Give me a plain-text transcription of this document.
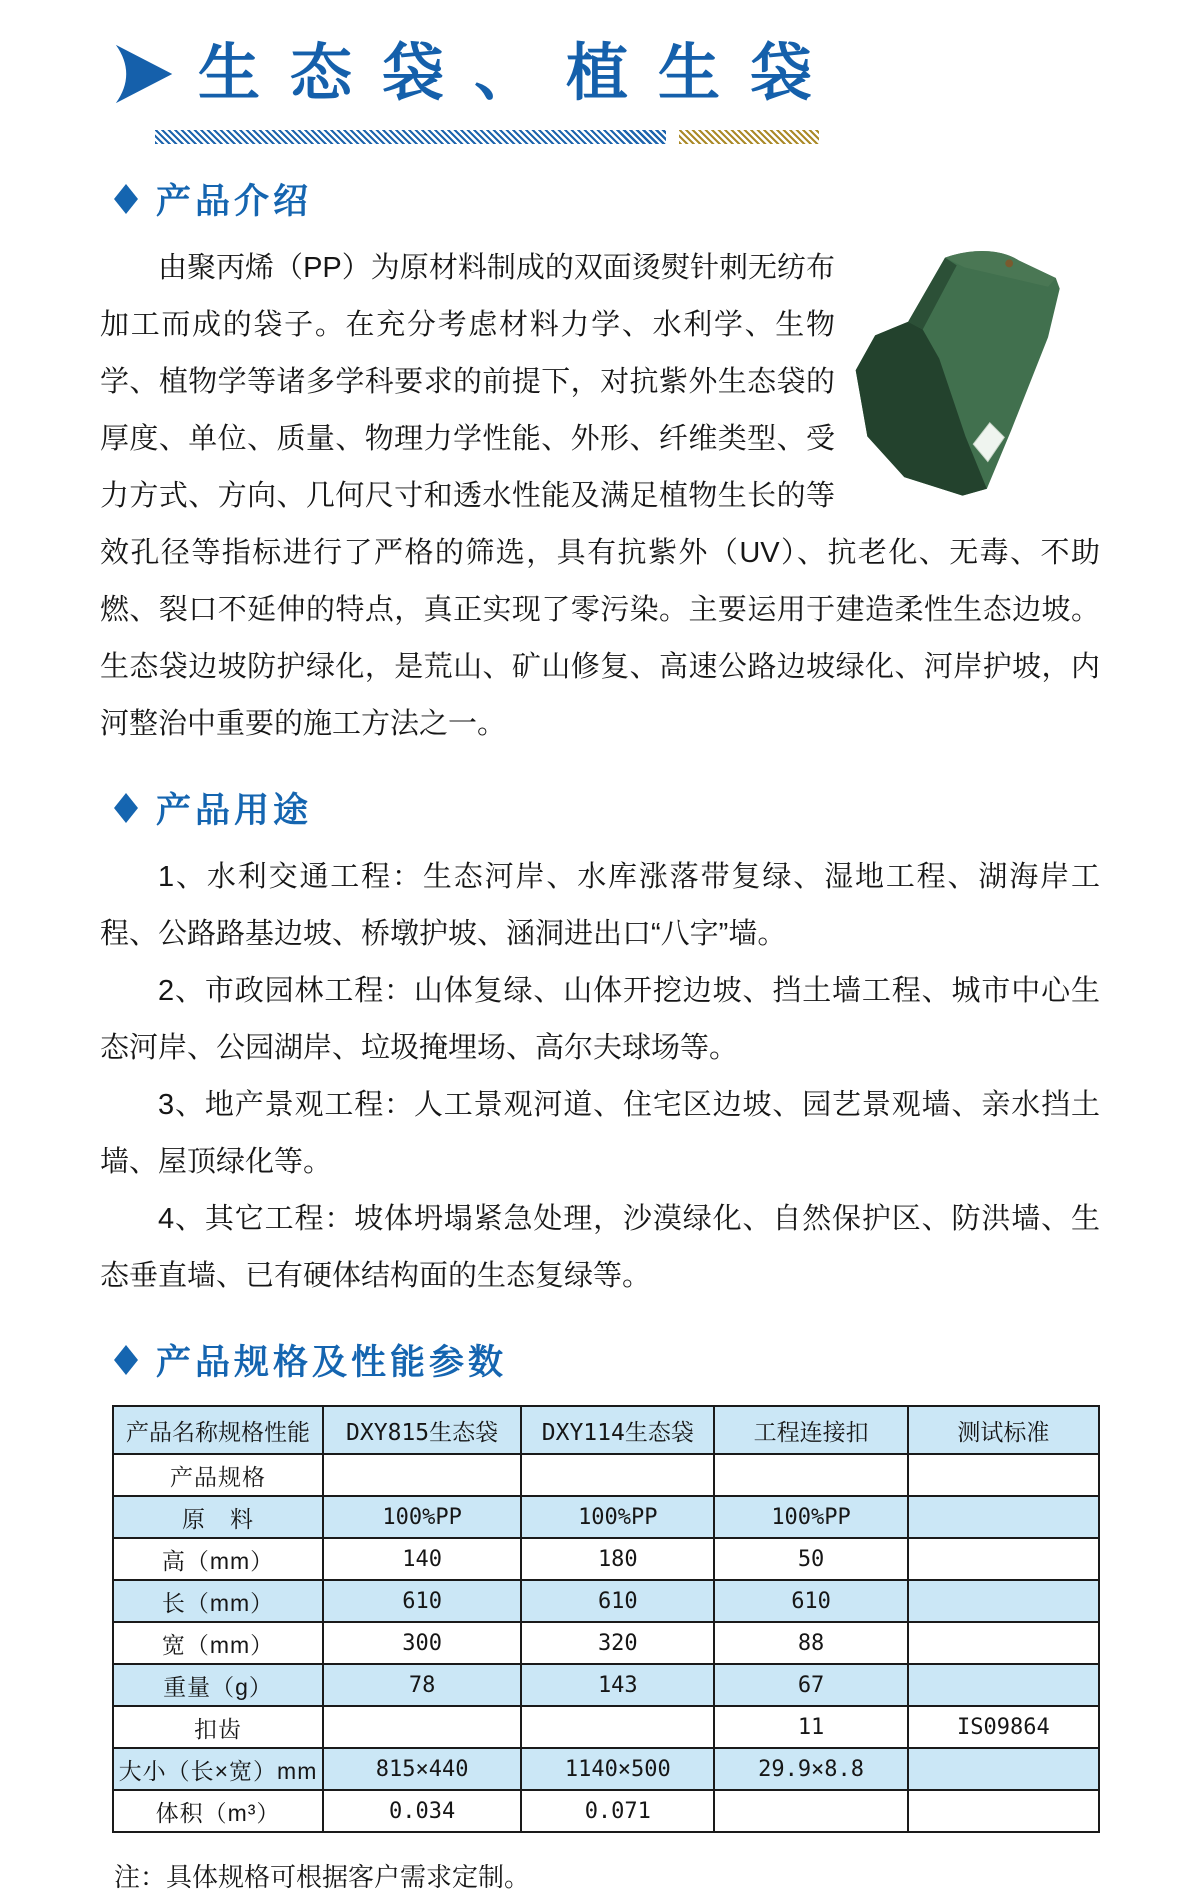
生态袋、植生袋
产品介绍

由聚丙烯（PP）为原材料制成的双面烫熨针刺无纺布加工而成的袋子。在充分考虑材料力学、水利学、生物学、植物学等诸多学科要求的前提下，对抗紫外生态袋的厚度、单位、质量、物理力学性能、外形、纤维类型、受力方式、方向、几何尺寸和透水性能及满足植物生长的等效孔径等指标进行了严格的筛选，具有抗紫外（UV）、抗老化、无毒、不助燃、裂口不延伸的特点，真正实现了零污染。主要运用于建造柔性生态边坡。生态袋边坡防护绿化，是荒山、矿山修复、高速公路边坡绿化、河岸护坡，内河整治中重要的施工方法之一。

产品用途

1、水利交通工程：生态河岸、水库涨落带复绿、湿地工程、湖海岸工程、公路路基边坡、桥墩护坡、涵洞进出口“八字”墙。

2、市政园林工程：山体复绿、山体开挖边坡、挡土墙工程、城市中心生态河岸、公园湖岸、垃圾掩埋场、高尔夫球场等。

3、地产景观工程：人工景观河道、住宅区边坡、园艺景观墙、亲水挡土墙、屋顶绿化等。

4、其它工程：坡体坍塌紧急处理，沙漠绿化、自然保护区、防洪墙、生态垂直墙、已有硬体结构面的生态复绿等。

产品规格及性能参数
产品名称规格性能	DXY815生态袋	DXY114生态袋	工程连接扣	测试标准
产品规格				
原　料	100%PP	100%PP	100%PP	
高（mm）	140	180	50	
长（mm）	610	610	610	
宽（mm）	300	320	88	
重量（g）	78	143	67	
扣齿			11	IS09864
大小（长×宽）mm	815×440	1140×500	29.9×8.8	
体积（m³）	0.034	0.071		

注：具体规格可根据客户需求定制。
